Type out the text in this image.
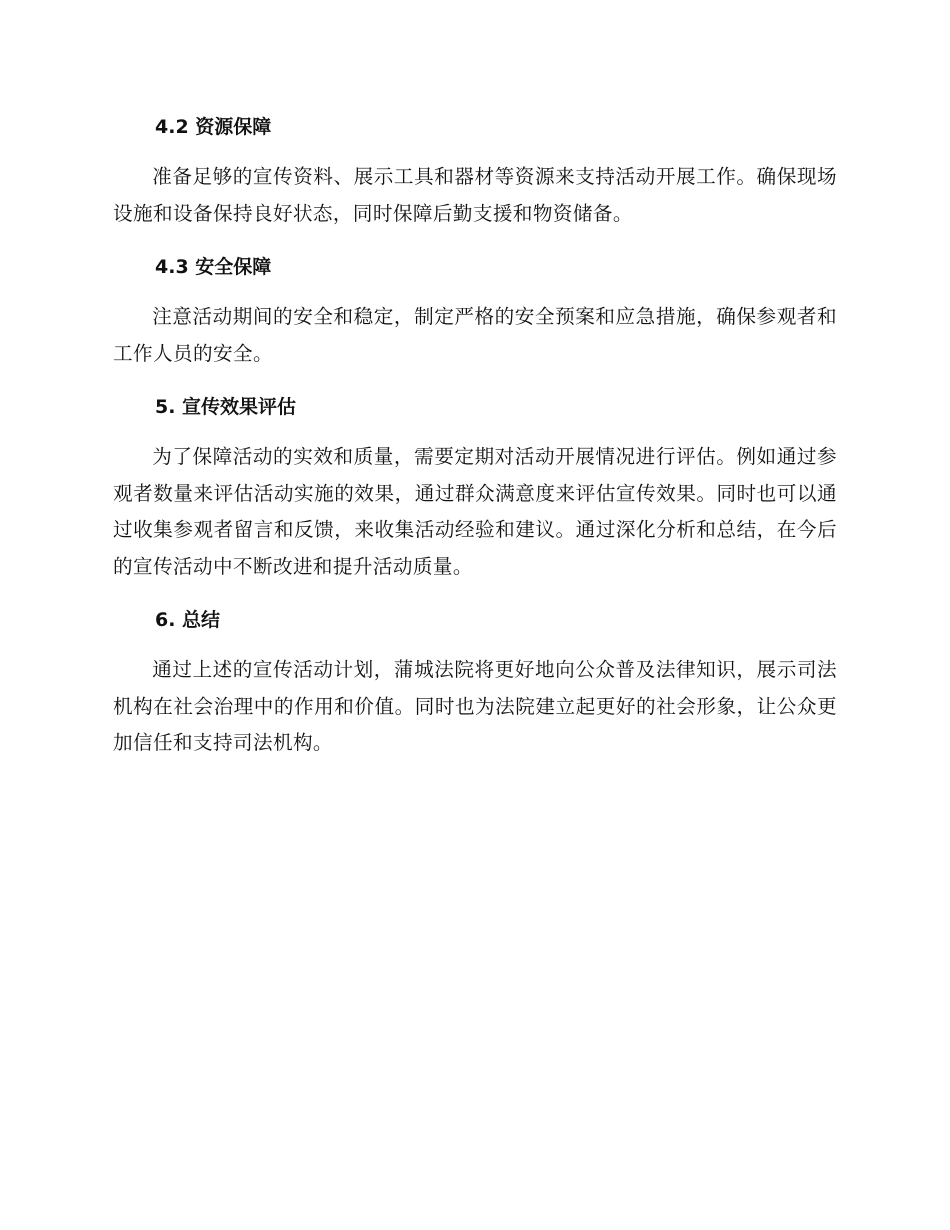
4.2 资源保障

准备足够的宣传资料、展示工具和器材等资源来支持活动开展工作。确保现场设施和设备保持良好状态，同时保障后勤支援和物资储备。

4.3 安全保障

注意活动期间的安全和稳定，制定严格的安全预案和应急措施，确保参观者和工作人员的安全。

5. 宣传效果评估

为了保障活动的实效和质量，需要定期对活动开展情况进行评估。例如通过参观者数量来评估活动实施的效果，通过群众满意度来评估宣传效果。同时也可以通过收集参观者留言和反馈，来收集活动经验和建议。通过深化分析和总结，在今后的宣传活动中不断改进和提升活动质量。

6. 总结

通过上述的宣传活动计划，蒲城法院将更好地向公众普及法律知识，展示司法机构在社会治理中的作用和价值。同时也为法院建立起更好的社会形象，让公众更加信任和支持司法机构。
